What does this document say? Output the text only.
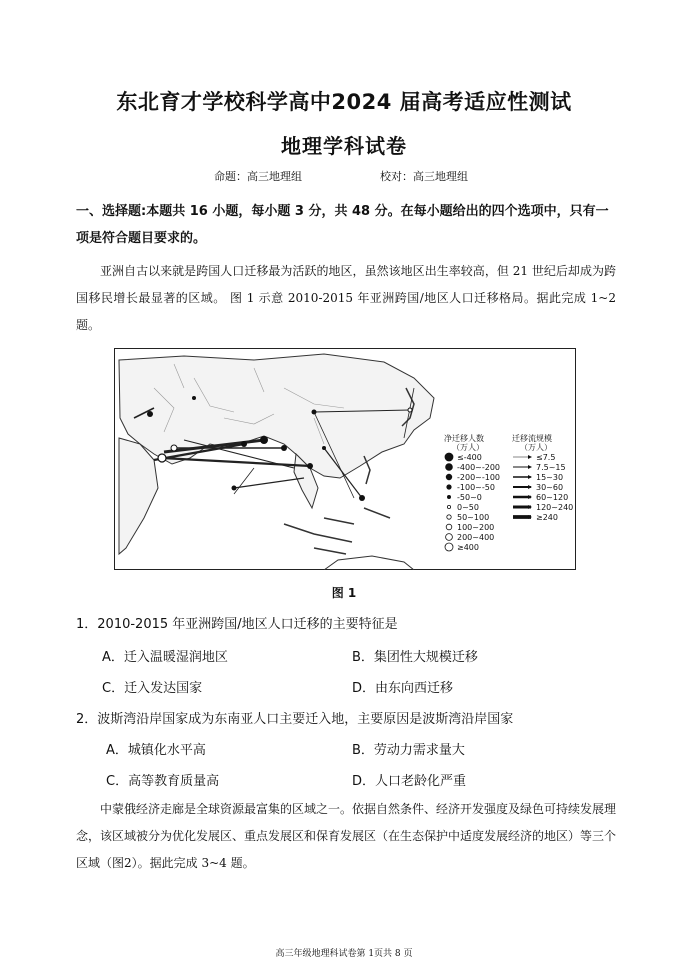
东北育才学校科学高中2024 届高考适应性测试
地理学科试卷
命题：高三地理组	校对：高三地理组
一、选择题:本题共 16 小题，每小题 3 分，共 48 分。在每小题给出的四个选项中，只有一项是符合题目要求的。
亚洲自古以来就是跨国人口迁移最为活跃的地区，虽然该地区出生率较高，但 21 世纪后却成为跨国移民增长最显著的区域。 图 1 示意 2010-2015 年亚洲跨国/地区人口迁移格局。据此完成 1~2 题。
净迁移人数
（万人）
≤-400
-400~-200
-200~-100
-100~-50
-50~0
0~50
50~100
100~200
200~400
≥400
迁移流规模
（万人）
≤7.5
7.5~15
15~30
30~60
60~120
120~240
≥240
图 1
1．2010-2015 年亚洲跨国/地区人口迁移的主要特征是
A．迁入温暖湿润地区	B．集团性大规模迁移
C．迁入发达国家	D．由东向西迁移
2．波斯湾沿岸国家成为东南亚人口主要迁入地，主要原因是波斯湾沿岸国家
A．城镇化水平高	B．劳动力需求量大
C．高等教育质量高	D．人口老龄化严重
中蒙俄经济走廊是全球资源最富集的区域之一。依据自然条件、经济开发强度及绿色可持续发展理念，该区域被分为优化发展区、重点发展区和保育发展区（在生态保护中适度发展经济的地区）等三个区域（图2）。据此完成 3~4 题。
高三年级地理科试卷第 1页共 8 页
